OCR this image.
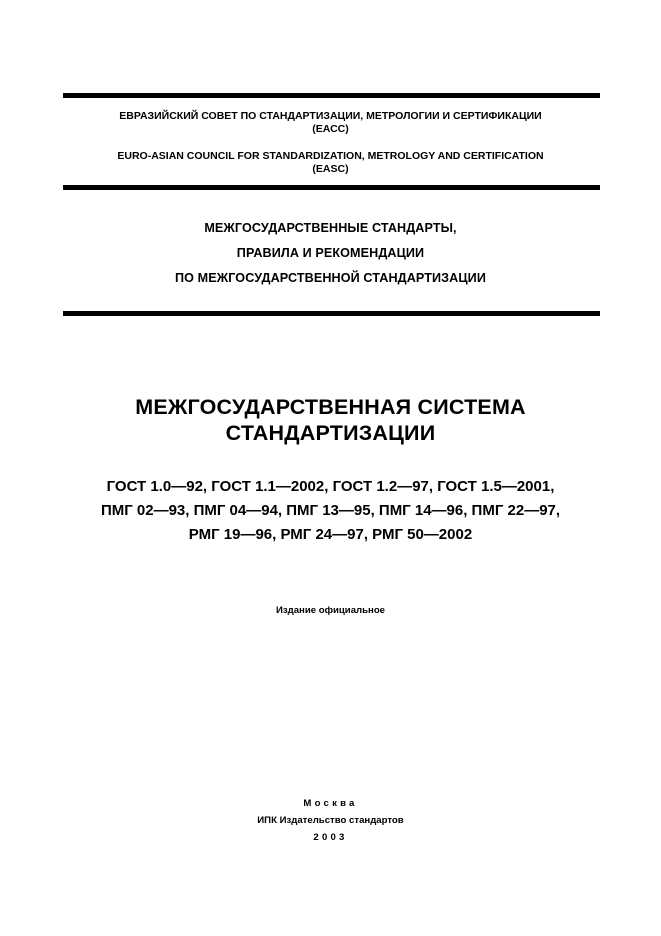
ЕВРАЗИЙСКИЙ СОВЕТ ПО СТАНДАРТИЗАЦИИ, МЕТРОЛОГИИ И СЕРТИФИКАЦИИ
(ЕАСС)
EURO-ASIAN COUNCIL FOR STANDARDIZATION, METROLOGY AND CERTIFICATION
(EASC)
МЕЖГОСУДАРСТВЕННЫЕ СТАНДАРТЫ,
ПРАВИЛА И РЕКОМЕНДАЦИИ
ПО МЕЖГОСУДАРСТВЕННОЙ СТАНДАРТИЗАЦИИ
МЕЖГОСУДАРСТВЕННАЯ СИСТЕМА
СТАНДАРТИЗАЦИИ
ГОСТ 1.0—92, ГОСТ 1.1—2002, ГОСТ 1.2—97, ГОСТ 1.5—2001,
ПМГ 02—93, ПМГ 04—94, ПМГ 13—95, ПМГ 14—96, ПМГ 22—97,
РМГ 19—96, РМГ 24—97, РМГ 50—2002
Издание официальное
Москва
ИПК Издательство стандартов
2003
